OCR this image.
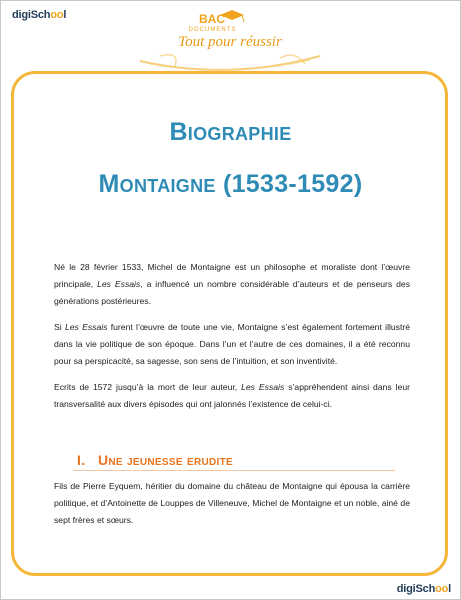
digiSchool	BAC
DOCUMENTS
Tout pour réussir
Biographie
Montaigne (1533-1592)

Né le 28 février 1533, Michel de Montaigne est un philosophe et moraliste dont l’œuvre principale, Les Essais, a influencé un nombre considérable d’auteurs et de penseurs des générations postérieures.

Si Les Essais furent l’œuvre de toute une vie, Montaigne s’est également fortement illustré dans la vie politique de son époque. Dans l’un et l’autre de ces domaines, il a été reconnu pour sa perspicacité, sa sagesse, son sens de l’intuition, et son inventivité.

Ecrits de 1572 jusqu’à la mort de leur auteur, Les Essais s’appréhendent ainsi dans leur transversalité aux divers épisodes qui ont jalonnés l’existence de celui-ci.

I. Une jeunesse erudite

Fils de Pierre Eyquem, héritier du domaine du château de Montaigne qui épousa la carrière politique, et d’Antoinette de Louppes de Villeneuve, Michel de Montaigne et un noble, ainé de sept frères et sœurs.

digiSchool
